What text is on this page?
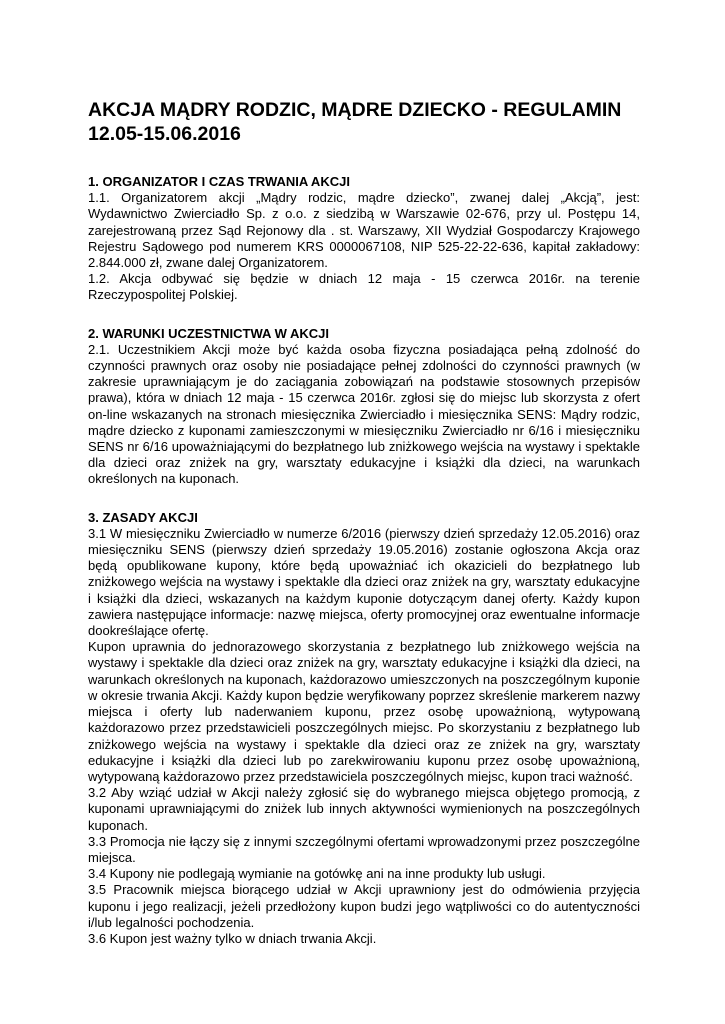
AKCJA MĄDRY RODZIC, MĄDRE DZIECKO - REGULAMIN
12.05-15.06.2016

1. ORGANIZATOR I CZAS TRWANIA AKCJI

1.1. Organizatorem akcji „Mądry rodzic, mądre dziecko”, zwanej dalej „Akcją”, jest: Wydawnictwo Zwierciadło Sp. z o.o. z siedzibą w Warszawie 02-676, przy ul. Postępu 14, zarejestrowaną przez Sąd Rejonowy dla . st. Warszawy, XII Wydział Gospodarczy Krajowego Rejestru Sądowego pod numerem KRS 0000067108, NIP 525-22-22-636, kapitał zakładowy: 2.844.000 zł, zwane dalej Organizatorem.

1.2. Akcja odbywać się będzie w dniach 12 maja - 15 czerwca 2016r. na terenie Rzeczypospolitej Polskiej.

2. WARUNKI UCZESTNICTWA W AKCJI

2.1. Uczestnikiem Akcji może być każda osoba fizyczna posiadająca pełną zdolność do czynności prawnych oraz osoby nie posiadające pełnej zdolności do czynności prawnych (w zakresie uprawniającym je do zaciągania zobowiązań na podstawie stosownych przepisów prawa), która w dniach 12 maja - 15 czerwca 2016r. zgłosi się do miejsc lub skorzysta z ofert on-line wskazanych na stronach miesięcznika Zwierciadło i miesięcznika SENS: Mądry rodzic, mądre dziecko z kuponami zamieszczonymi w miesięczniku Zwierciadło nr 6/16 i miesięczniku SENS nr 6/16 upoważniającymi do bezpłatnego lub zniżkowego wejścia na wystawy i spektakle dla dzieci oraz zniżek na gry, warsztaty edukacyjne i książki dla dzieci, na warunkach określonych na kuponach.

3. ZASADY AKCJI

3.1 W miesięczniku Zwierciadło w numerze 6/2016 (pierwszy dzień sprzedaży 12.05.2016) oraz miesięczniku SENS (pierwszy dzień sprzedaży 19.05.2016) zostanie ogłoszona Akcja oraz będą opublikowane kupony, które będą upoważniać ich okazicieli do bezpłatnego lub zniżkowego wejścia na wystawy i spektakle dla dzieci oraz zniżek na gry, warsztaty edukacyjne i książki dla dzieci, wskazanych na każdym kuponie dotyczącym danej oferty. Każdy kupon zawiera następujące informacje: nazwę miejsca, oferty promocyjnej oraz ewentualne informacje dookreślające ofertę.

Kupon uprawnia do jednorazowego skorzystania z bezpłatnego lub zniżkowego wejścia na wystawy i spektakle dla dzieci oraz zniżek na gry, warsztaty edukacyjne i książki dla dzieci, na warunkach określonych na kuponach, każdorazowo umieszczonych na poszczególnym kuponie w okresie trwania Akcji. Każdy kupon będzie weryfikowany poprzez skreślenie markerem nazwy miejsca i oferty lub naderwaniem kuponu, przez osobę upoważnioną, wytypowaną każdorazowo przez przedstawicieli poszczególnych miejsc. Po skorzystaniu z bezpłatnego lub zniżkowego wejścia na wystawy i spektakle dla dzieci oraz ze zniżek na gry, warsztaty edukacyjne i książki dla dzieci lub po zarekwirowaniu kuponu przez osobę upoważnioną, wytypowaną każdorazowo przez przedstawiciela poszczególnych miejsc, kupon traci ważność.

3.2 Aby wziąć udział w Akcji należy zgłosić się do wybranego miejsca objętego promocją, z kuponami uprawniającymi do zniżek lub innych aktywności wymienionych na poszczególnych kuponach.

3.3 Promocja nie łączy się z innymi szczególnymi ofertami wprowadzonymi przez poszczególne miejsca.

3.4 Kupony nie podlegają wymianie na gotówkę ani na inne produkty lub usługi.

3.5 Pracownik miejsca biorącego udział w Akcji uprawniony jest do odmówienia przyjęcia kuponu i jego realizacji, jeżeli przedłożony kupon budzi jego wątpliwości co do autentyczności i/lub legalności pochodzenia.

3.6 Kupon jest ważny tylko w dniach trwania Akcji.
